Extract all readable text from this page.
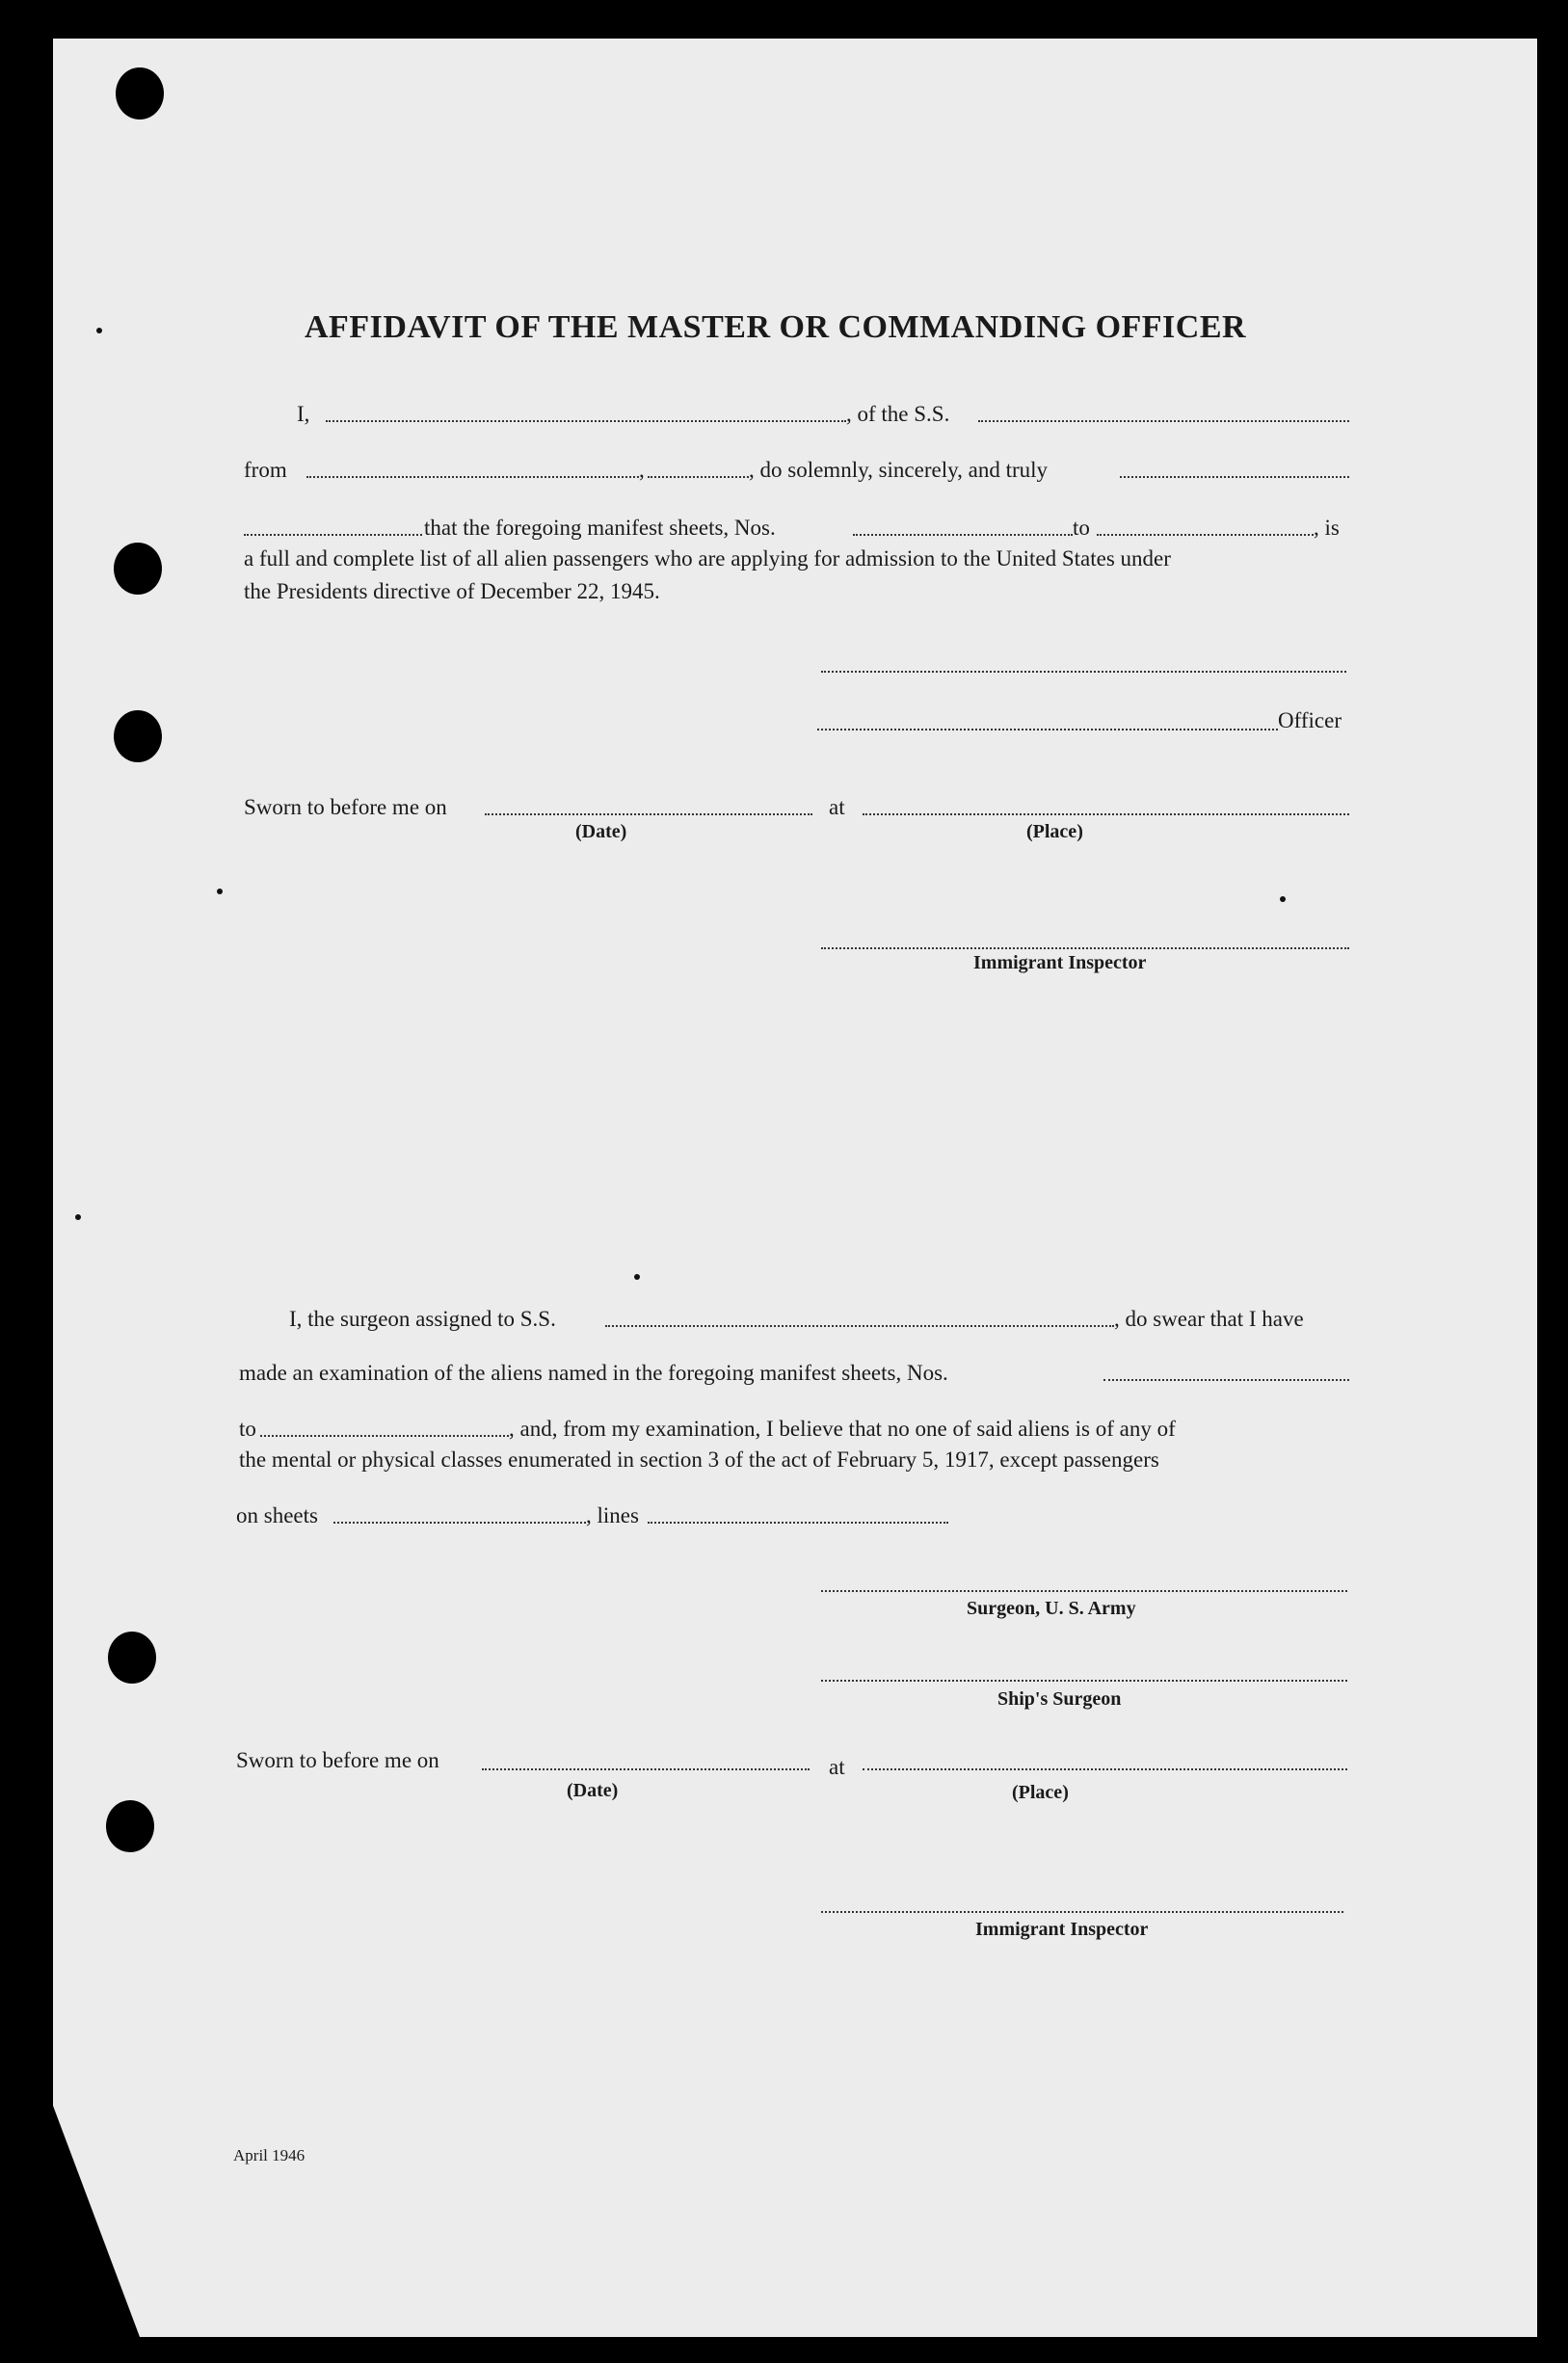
AFFIDAVIT OF THE MASTER OR COMMANDING OFFICER
I,	, of the S.S.
from	,	, do solemnly, sincerely, and truly
that the foregoing manifest sheets, Nos.	to	, is
a full and complete list of all alien passengers who are applying for admission to the United States under
the Presidents directive of December 22, 1945.
Officer
Sworn to before me on	at
(Date)	(Place)
Immigrant Inspector
I, the surgeon assigned to S.S.	, do swear that I have
made an examination of the aliens named in the foregoing manifest sheets, Nos.
to	, and, from my examination, I believe that no one of said aliens is of any of
the mental or physical classes enumerated in section 3 of the act of February 5, 1917, except passengers
on sheets	, lines
Surgeon, U. S. Army
Ship's Surgeon
Sworn to before me on	at
(Date)	(Place)
Immigrant Inspector
April 1946
